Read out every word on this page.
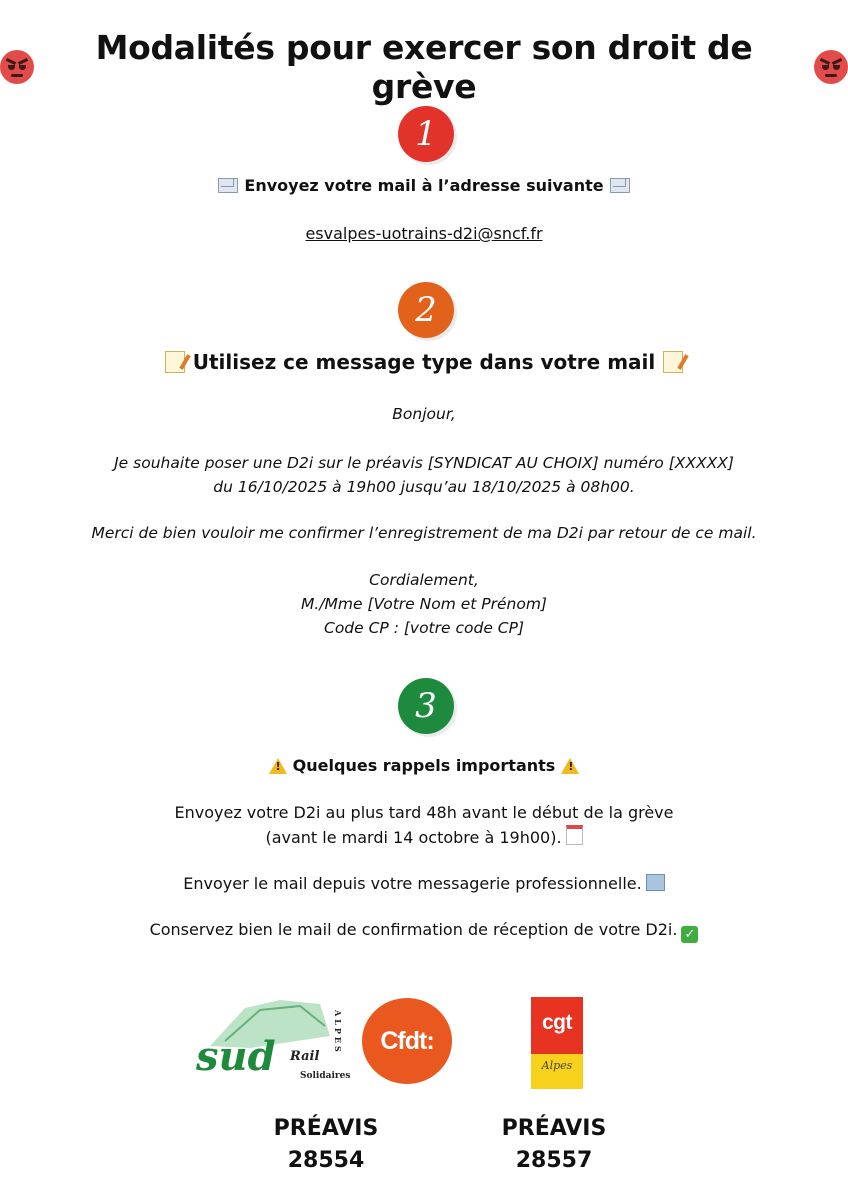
Modalités pour exercer son droit de grève
1
Envoyez votre mail à l’adresse suivante
esvalpes-uotrains-d2i@sncf.fr
2
Utilisez ce message type dans votre mail
Bonjour,
Je souhaite poser une D2i sur le préavis [SYNDICAT AU CHOIX] numéro [XXXXX]
du 16/10/2025 à 19h00 jusqu’au 18/10/2025 à 08h00.
Merci de bien vouloir me confirmer l’enregistrement de ma D2i par retour de ce mail.
Cordialement,
M./Mme [Votre Nom et Prénom]
Code CP : [votre code CP]
3
!
Quelques rappels importants
!
Envoyez votre D2i au plus tard 48h avant le début de la grève
(avant le mardi 14 octobre à 19h00).
Envoyer le mail depuis votre messagerie professionnelle.
Conservez bien le mail de confirmation de réception de votre D2i. ✓
sud Rail
Solidaires
ALPES Cfdt:
cgt
Alpes
PRÉAVIS
28554
PRÉAVIS
28557
